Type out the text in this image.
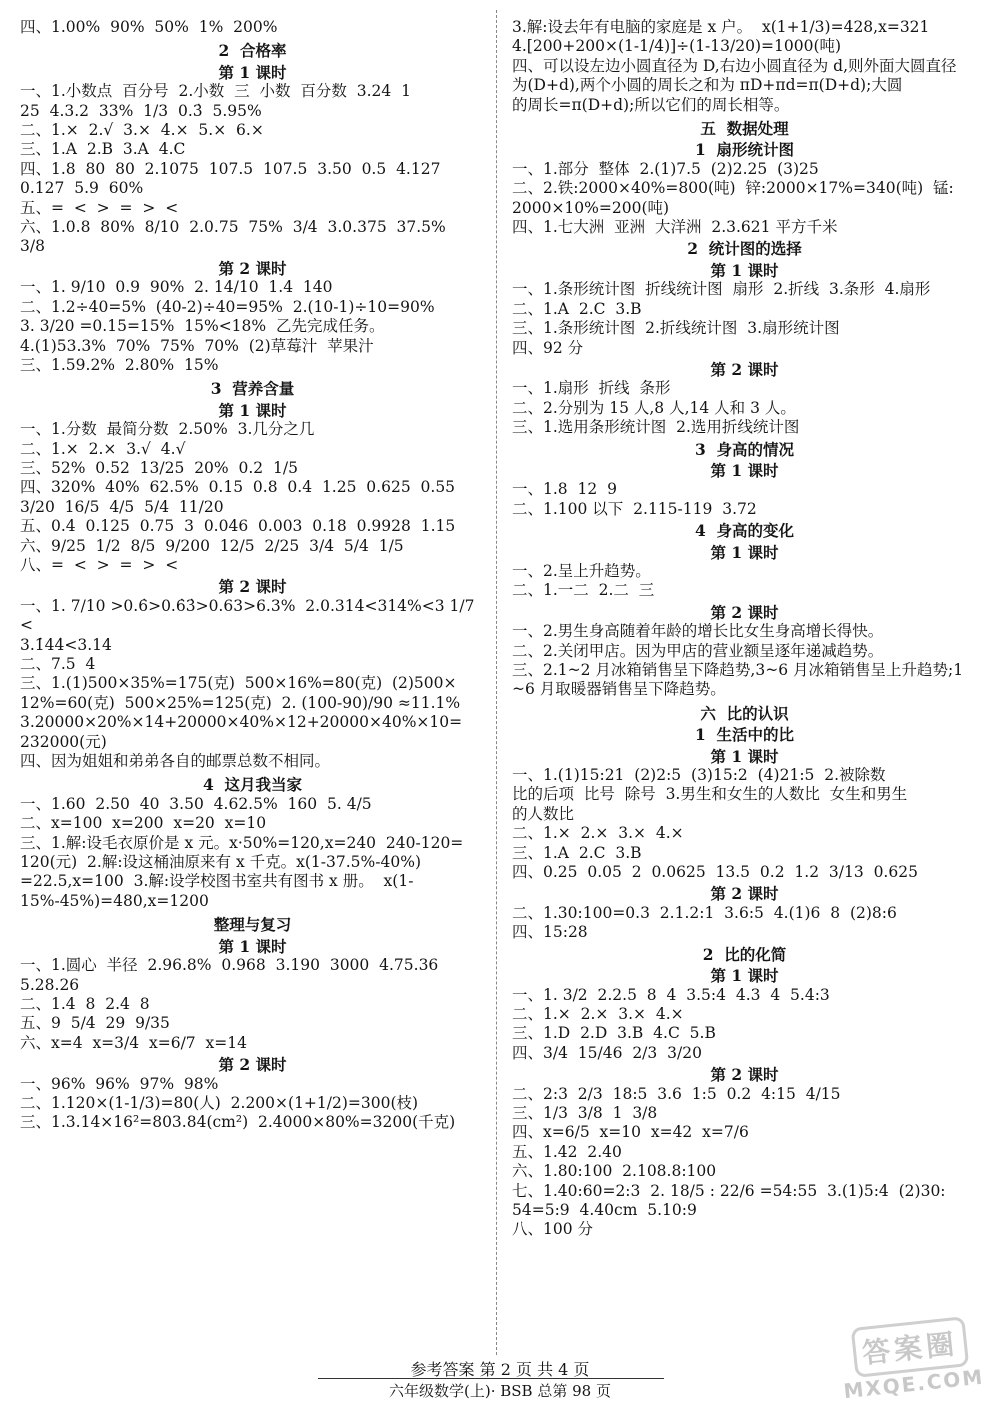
四、1.00%  90%  50%  1%  200%
2  合格率
第 1 课时
一、1.小数点  百分号  2.小数  三  小数  百分数  3.24  1
25  4.3.2  33%  1/3  0.3̇  5.95%
二、1.×  2.√  3.×  4.×  5.×  6.×
三、1.A  2.B  3.A  4.C
四、1.8  80  80  2.1075  107.5  107.5  3.50  0.5  4.127
0.127  5.9  60%
五、=  <  >  =  >  <
六、1.0.8  80%  8/10  2.0.75  75%  3/4  3.0.375  37.5%
3/8
第 2 课时
一、1. 9/10  0.9  90%  2. 14/10  1.4  140
二、1.2÷40=5%  (40-2)÷40=95%  2.(10-1)÷10=90%
3. 3/20 =0.15=15%  15%<18%  乙先完成任务。
4.(1)53.3%  70%  75%  70%  (2)草莓汁  苹果汁
三、1.59.2%  2.80%  15%
3  营养含量
第 1 课时
一、1.分数  最简分数  2.50%  3.几分之几
二、1.×  2.×  3.√  4.√
三、52%  0.52  13/25  20%  0.2  1/5
四、320%  40%  62.5%  0.15  0.8  0.4  1.25  0.625  0.55
3/20  16/5  4/5  5/4  11/20
五、0.4  0.125  0.75  3  0.046  0.003  0.18  0.9928  1.15
六、9/25  1/2  8/5  9/200  12/5  2/25  3/4  5/4  1/5
八、=  <  >  =  >  <
第 2 课时
一、1. 7/10 >0.6̇>0.6̇3̇>0.63>6.3%  2.0.314<314%<3 1/7 <
3.1̇44̇<3.14
二、7.5  4
三、1.(1)500×35%=175(克)  500×16%=80(克)  (2)500×
12%=60(克)  500×25%=125(克)  2. (100-90)/90 ≈11.1%
3.20000×20%×14+20000×40%×12+20000×40%×10=
232000(元)
四、因为姐姐和弟弟各自的邮票总数不相同。
4  这月我当家
一、1.60  2.50  40  3.50  4.62.5%  160  5. 4/5
二、x=100  x=200  x=20  x=10
三、1.解:设毛衣原价是 x 元。x·50%=120,x=240  240-120=
120(元)  2.解:设这桶油原来有 x 千克。x(1-37.5%-40%)
=22.5,x=100  3.解:设学校图书室共有图书 x 册。  x(1-
15%-45%)=480,x=1200
整理与复习
第 1 课时
一、1.圆心  半径  2.96.8%  0.968  3.190  3000  4.75.36
5.28.26
二、1.4  8  2.4  8
五、9  5/4  29  9/35
六、x=4  x=3/4  x=6/7  x=14
第 2 课时
一、96%  96%  97%  98%
二、1.120×(1-1/3)=80(人)  2.200×(1+1/2)=300(枝)
三、1.3.14×16²=803.84(cm²)  2.4000×80%=3200(千克)
3.解:设去年有电脑的家庭是 x 户。  x(1+1/3)=428,x=321
4.[200+200×(1-1/4)]÷(1-13/20)=1000(吨)
四、可以设左边小圆直径为 D,右边小圆直径为 d,则外面大圆直径
为(D+d),两个小圆的周长之和为 πD+πd=π(D+d);大圆
的周长=π(D+d);所以它们的周长相等。
五  数据处理
1  扇形统计图
一、1.部分  整体  2.(1)7.5  (2)2.25  (3)25
二、2.铁:2000×40%=800(吨)  锌:2000×17%=340(吨)  锰:
2000×10%=200(吨)
四、1.七大洲  亚洲  大洋洲  2.3.621 平方千米
2  统计图的选择
第 1 课时
一、1.条形统计图  折线统计图  扇形  2.折线  3.条形  4.扇形
二、1.A  2.C  3.B
三、1.条形统计图  2.折线统计图  3.扇形统计图
四、92 分
第 2 课时
一、1.扇形  折线  条形
二、2.分别为 15 人,8 人,14 人和 3 人。
三、1.选用条形统计图  2.选用折线统计图
3  身高的情况
第 1 课时
一、1.8  12  9
二、1.100 以下  2.115-119  3.72
4  身高的变化
第 1 课时
一、2.呈上升趋势。
二、1.一二  2.二  三
第 2 课时
一、2.男生身高随着年龄的增长比女生身高增长得快。
二、2.关闭甲店。因为甲店的营业额呈逐年递减趋势。
三、2.1~2 月冰箱销售呈下降趋势,3~6 月冰箱销售呈上升趋势;1
~6 月取暖器销售呈下降趋势。
六  比的认识
1  生活中的比
第 1 课时
一、1.(1)15:21  (2)2:5  (3)15:2  (4)21:5  2.被除数
比的后项  比号  除号  3.男生和女生的人数比  女生和男生
的人数比
二、1.×  2.×  3.×  4.×
三、1.A  2.C  3.B
四、0.25  0.05  2  0.0625  13.5  0.2  1.2  3/13  0.625
第 2 课时
二、1.30:100=0.3  2.1.2:1  3.6:5  4.(1)6  8  (2)8:6
四、15:28
2  比的化简
第 1 课时
一、1. 3/2  2.2.5  8  4  3.5:4  4.3  4  5.4:3
二、1.×  2.×  3.×  4.×
三、1.D  2.D  3.B  4.C  5.B
四、3/4  15/46  2/3  3/20
第 2 课时
二、2:3  2/3  18:5  3.6  1:5  0.2  4:15  4/15
三、1/3  3/8  1  3/8
四、x=6/5  x=10  x=42  x=7/6
五、1.42  2.40
六、1.80:100  2.108.8:100
七、1.40:60=2:3  2. 18/5 : 22/6 =54:55  3.(1)5:4  (2)30:
54=5:9  4.40cm  5.10:9
八、100 分
参考答案 第 2 页 共 4 页
六年级数学(上)· BSB 总第 98 页
答案圈
MXQE.COM
